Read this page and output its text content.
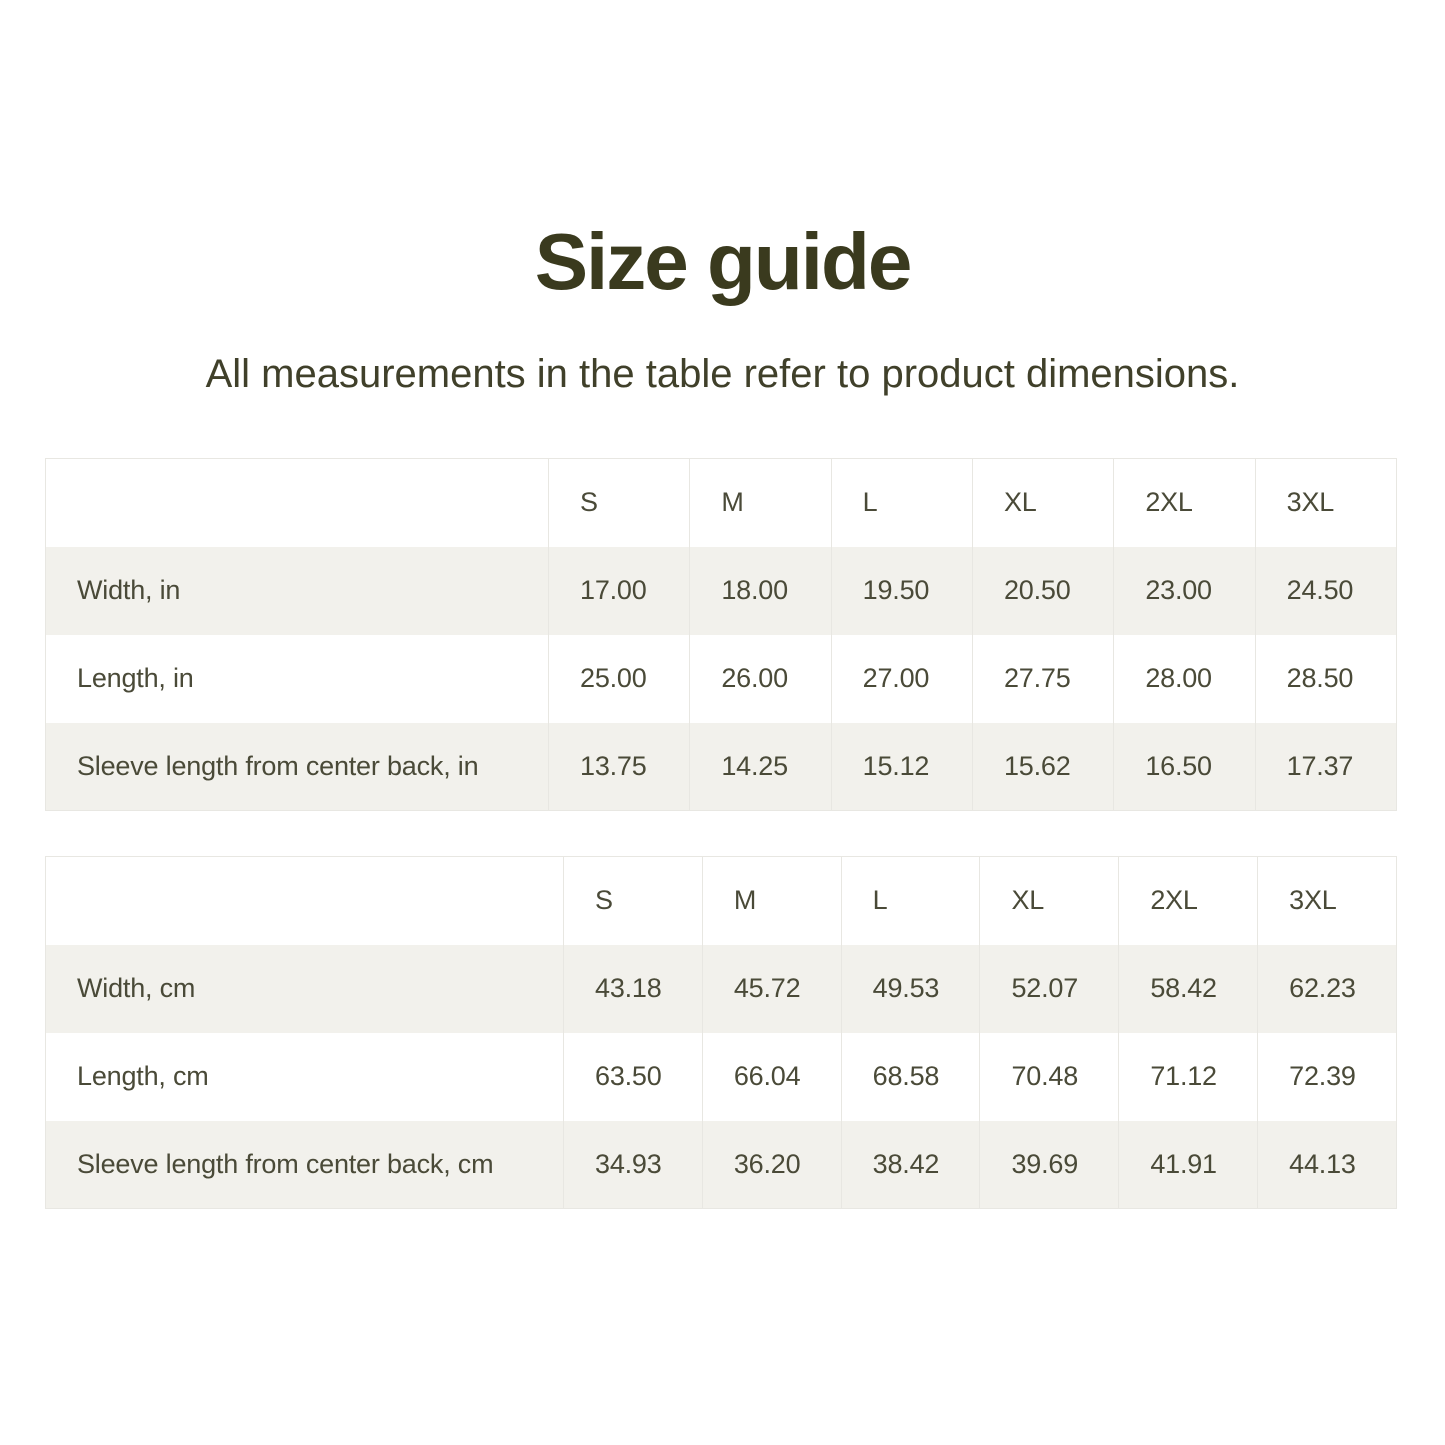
Size guide

All measurements in the table refer to product dimensions.

	S	M	L	XL	2XL	3XL
Width, in	17.00	18.00	19.50	20.50	23.00	24.50
Length, in	25.00	26.00	27.00	27.75	28.00	28.50
Sleeve length from center back, in	13.75	14.25	15.12	15.62	16.50	17.37
	S	M	L	XL	2XL	3XL
Width, cm	43.18	45.72	49.53	52.07	58.42	62.23
Length, cm	63.50	66.04	68.58	70.48	71.12	72.39
Sleeve length from center back, cm	34.93	36.20	38.42	39.69	41.91	44.13
